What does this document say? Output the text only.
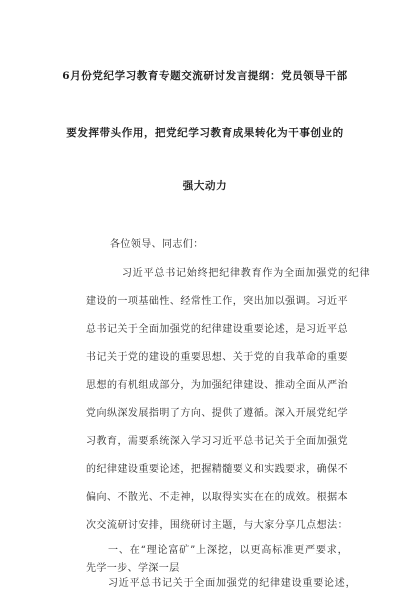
6月份党纪学习教育专题交流研讨发言提纲：党员领导干部
要发挥带头作用，把党纪学习教育成果转化为干事创业的
强大动力
各位领导、同志们：
习近平总书记始终把纪律教育作为全面加强党的纪律
建设的一项基础性、经常性工作，突出加以强调。习近平
总书记关于全面加强党的纪律建设重要论述，是习近平总
书记关于党的建设的重要思想、关于党的自我革命的重要
思想的有机组成部分，为加强纪律建设、推动全面从严治
党向纵深发展指明了方向、提供了遵循。深入开展党纪学
习教育，需要系统深入学习习近平总书记关于全面加强党
的纪律建设重要论述，把握精髓要义和实践要求，确保不
偏向、不散光、不走神，以取得实实在在的成效。根据本
次交流研讨安排，围绕研讨主题，与大家分享几点想法：
一、在“理论富矿”上深挖，以更高标准更严要求，
先学一步、学深一层
习近平总书记关于全面加强党的纪律建设重要论述，
